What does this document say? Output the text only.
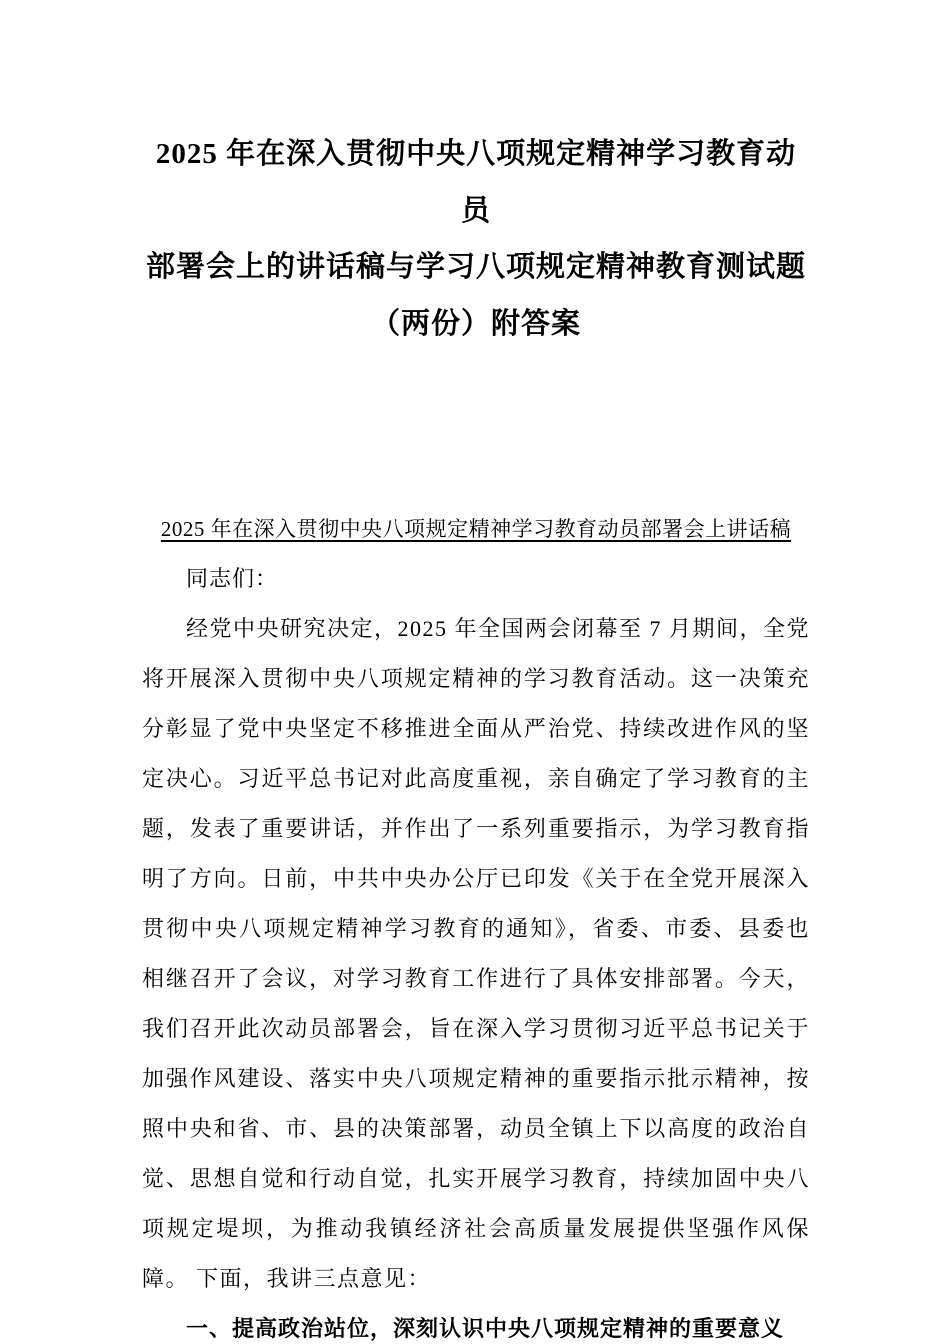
2025 年在深入贯彻中央八项规定精神学习教育动员
部署会上的讲话稿与学习八项规定精神教育测试题
（两份）附答案
2025 年在深入贯彻中央八项规定精神学习教育动员部署会上讲话稿

同志们：

经党中央研究决定，2025 年全国两会闭幕至 7 月期间，全党将开展深入贯彻中央八项规定精神的学习教育活动。这一决策充分彰显了党中央坚定不移推进全面从严治党、持续改进作风的坚定决心。习近平总书记对此高度重视，亲自确定了学习教育的主题，发表了重要讲话，并作出了一系列重要指示，为学习教育指明了方向。日前，中共中央办公厅已印发《关于在全党开展深入贯彻中央八项规定精神学习教育的通知》，省委、市委、县委也相继召开了会议，对学习教育工作进行了具体安排部署。今天， 我们召开此次动员部署会，旨在深入学习贯彻习近平总书记关于加强作风建设、落实中央八项规定精神的重要指示批示精神，按照中央和省、市、县的决策部署，动员全镇上下以高度的政治自觉、思想自觉和行动自觉，扎实开展学习教育，持续加固中央八项规定堤坝，为推动我镇经济社会高质量发展提供坚强作风保障。 下面，我讲三点意见：

一、提高政治站位，深刻认识中央八项规定精神的重要意义
